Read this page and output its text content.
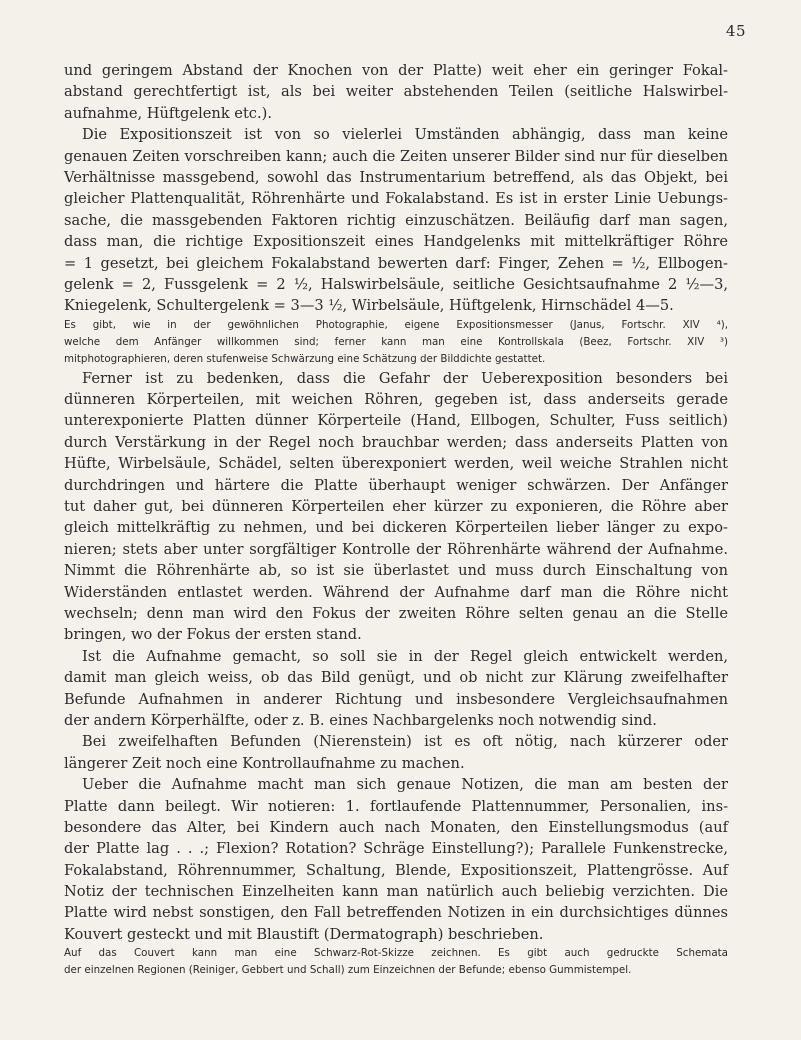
45
und geringem Abstand der Knochen von der Platte) weit eher ein geringer Fokal-
abstand gerechtfertigt ist, als bei weiter abstehenden Teilen (seitliche Halswirbel-
aufnahme, Hüftgelenk etc.).
Die Expositionszeit ist von so vielerlei Umständen abhängig, dass man keine
genauen Zeiten vorschreiben kann; auch die Zeiten unserer Bilder sind nur für dieselben
Verhältnisse massgebend, sowohl das Instrumentarium betreffend, als das Objekt, bei
gleicher Plattenqualität, Röhrenhärte und Fokalabstand. Es ist in erster Linie Uebungs-
sache, die massgebenden Faktoren richtig einzuschätzen. Beiläufig darf man sagen,
dass man, die richtige Expositionszeit eines Handgelenks mit mittelkräftiger Röhre
= 1 gesetzt, bei gleichem Fokalabstand bewerten darf: Finger, Zehen = ½, Ellbogen-
gelenk = 2, Fussgelenk = 2 ½, Halswirbelsäule, seitliche Gesichtsaufnahme 2 ½—3,
Kniegelenk, Schultergelenk = 3—3 ½, Wirbelsäule, Hüftgelenk, Hirnschädel 4—5.
Es gibt, wie in der gewöhnlichen Photographie, eigene Expositionsmesser (Janus, Fortschr. XIV ⁴),
welche dem Anfänger willkommen sind; ferner kann man eine Kontrollskala (Beez, Fortschr. XIV ³)
mitphotographieren, deren stufenweise Schwärzung eine Schätzung der Bilddichte gestattet.
Ferner ist zu bedenken, dass die Gefahr der Ueberexposition besonders bei
dünneren Körperteilen, mit weichen Röhren, gegeben ist, dass anderseits gerade
unterexponierte Platten dünner Körperteile (Hand, Ellbogen, Schulter, Fuss seitlich)
durch Verstärkung in der Regel noch brauchbar werden; dass anderseits Platten von
Hüfte, Wirbelsäule, Schädel, selten überexponiert werden, weil weiche Strahlen nicht
durchdringen und härtere die Platte überhaupt weniger schwärzen. Der Anfänger
tut daher gut, bei dünneren Körperteilen eher kürzer zu exponieren, die Röhre aber
gleich mittelkräftig zu nehmen, und bei dickeren Körperteilen lieber länger zu expo-
nieren; stets aber unter sorgfältiger Kontrolle der Röhrenhärte während der Aufnahme.
Nimmt die Röhrenhärte ab, so ist sie überlastet und muss durch Einschaltung von
Widerständen entlastet werden. Während der Aufnahme darf man die Röhre nicht
wechseln; denn man wird den Fokus der zweiten Röhre selten genau an die Stelle
bringen, wo der Fokus der ersten stand.
Ist die Aufnahme gemacht, so soll sie in der Regel gleich entwickelt werden,
damit man gleich weiss, ob das Bild genügt, und ob nicht zur Klärung zweifelhafter
Befunde Aufnahmen in anderer Richtung und insbesondere Vergleichsaufnahmen
der andern Körperhälfte, oder z. B. eines Nachbargelenks noch notwendig sind.
Bei zweifelhaften Befunden (Nierenstein) ist es oft nötig, nach kürzerer oder
längerer Zeit noch eine Kontrollaufnahme zu machen.
Ueber die Aufnahme macht man sich genaue Notizen, die man am besten der
Platte dann beilegt. Wir notieren: 1. fortlaufende Plattennummer, Personalien, ins-
besondere das Alter, bei Kindern auch nach Monaten, den Einstellungsmodus (auf
der Platte lag . . .; Flexion? Rotation? Schräge Einstellung?); Parallele Funkenstrecke,
Fokalabstand, Röhrennummer, Schaltung, Blende, Expositionszeit, Plattengrösse. Auf
Notiz der technischen Einzelheiten kann man natürlich auch beliebig verzichten. Die
Platte wird nebst sonstigen, den Fall betreffenden Notizen in ein durchsichtiges dünnes
Kouvert gesteckt und mit Blaustift (Dermatograph) beschrieben.
Auf das Couvert kann man eine Schwarz-Rot-Skizze zeichnen. Es gibt auch gedruckte Schemata
der einzelnen Regionen (Reiniger, Gebbert und Schall) zum Einzeichnen der Befunde; ebenso Gummistempel.
